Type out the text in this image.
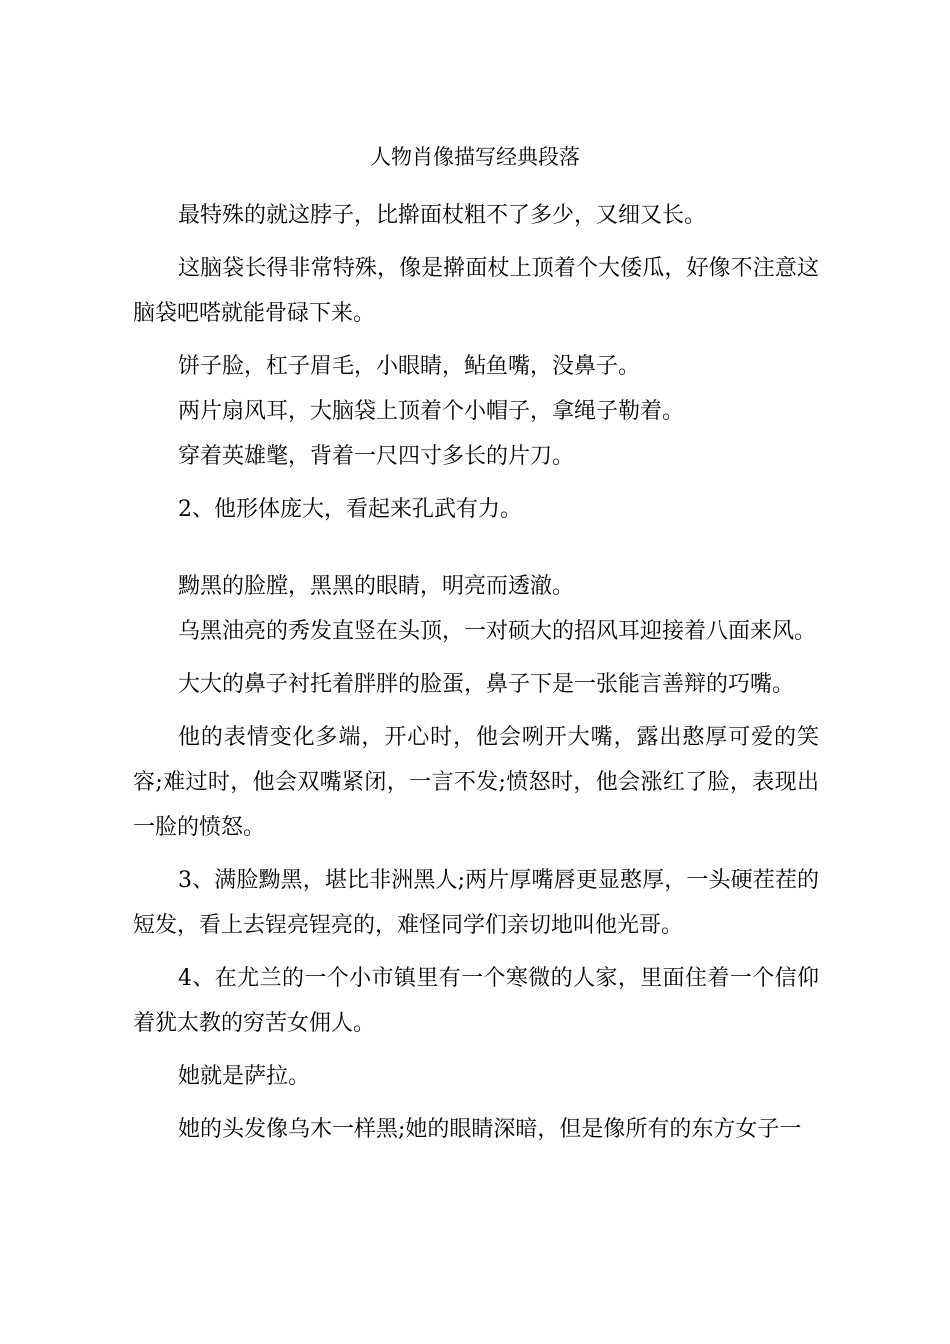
人物肖像描写经典段落

最特殊的就这脖子，比擀面杖粗不了多少，又细又长。

这脑袋长得非常特殊，像是擀面杖上顶着个大倭瓜，好像不注意这脑袋吧嗒就能骨碌下来。

饼子脸，杠子眉毛，小眼睛，鲇鱼嘴，没鼻子。

两片扇风耳，大脑袋上顶着个小帽子，拿绳子勒着。

穿着英雄氅，背着一尺四寸多长的片刀。

2、他形体庞大，看起来孔武有力。

黝黑的脸膛，黑黑的眼睛，明亮而透澈。

乌黑油亮的秀发直竖在头顶，一对硕大的招风耳迎接着八面来风。

大大的鼻子衬托着胖胖的脸蛋，鼻子下是一张能言善辩的巧嘴。

他的表情变化多端，开心时，他会咧开大嘴，露出憨厚可爱的笑容;难过时，他会双嘴紧闭，一言不发;愤怒时，他会涨红了脸，表现出一脸的愤怒。

3、满脸黝黑，堪比非洲黑人;两片厚嘴唇更显憨厚，一头硬茬茬的短发，看上去锃亮锃亮的，难怪同学们亲切地叫他光哥。

4、在尤兰的一个小市镇里有一个寒微的人家，里面住着一个信仰着犹太教的穷苦女佣人。

她就是萨拉。

她的头发像乌木一样黑;她的眼睛深暗，但是像所有的东方女子一
